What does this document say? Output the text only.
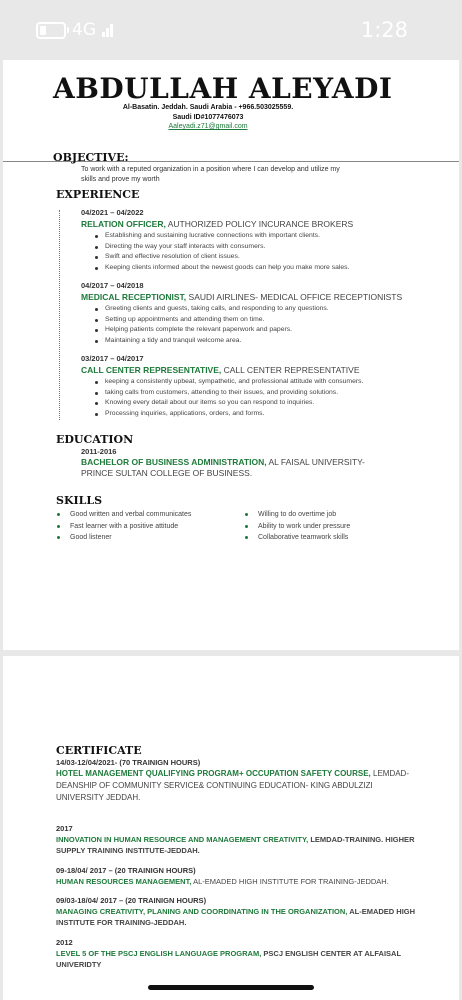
4G	1:28
ABDULLAH ALEYADI
Al-Basatin. Jeddah. Saudi Arabia - +966.503025559.
Saudi ID#1077476073
Aaleyadi.z71@gmail.com
OBJECTIVE:
To work with a reputed organization in a position where I can develop and utilize my
skills and prove my worth
EXPERIENCE
04/2021 – 04/2022
RELATION OFFICER, AUTHORIZED POLICY INCURANCE BROKERS
Establishing and sustaining lucrative connections with important clients.
Directing the way your staff interacts with consumers.
Swift and effective resolution of client issues.
Keeping clients informed about the newest goods can help you make more sales.
04/2017 – 04/2018
MEDICAL RECEPTIONIST, SAUDI AIRLINES- MEDICAL OFFICE RECEPTIONISTS
Greeting clients and guests, taking calls, and responding to any questions.
Setting up appointments and attending them on time.
Helping patients complete the relevant paperwork and papers.
Maintaining a tidy and tranquil welcome area.
03/2017 – 04/2017
CALL CENTER REPRESENTATIVE, CALL CENTER REPRESENTATIVE
keeping a consistently upbeat, sympathetic, and professional attitude with consumers.
taking calls from customers, attending to their issues, and providing solutions.
Knowing every detail about our items so you can respond to inquiries.
Processing inquiries, applications, orders, and forms.
EDUCATION
2011-2016
BACHELOR OF BUSINESS ADMINISTRATION, AL FAISAL UNIVERSITY-PRINCE SULTAN COLLEGE OF BUSINESS.
SKILLS
Good written and verbal communicates
Fast learner with a positive attitude
Good listener
Willing to do overtime job
Ability to work under pressure
Collaborative teamwork skills
CERTIFICATE
14/03-12/04/2021- (70 TRAINIGN HOURS)
HOTEL MANAGEMENT QUALIFYING PROGRAM+ OCCUPATION SAFETY COURSE, LEMDAD-DEANSHIP OF COMMUNITY SERVICE& CONTINUING EDUCATION- KING ABDULZIZI UNIVERSITY JEDDAH.
2017
INNOVATION IN HUMAN RESOURCE AND MANAGEMENT CREATIVITY, LEMDAD-TRAINING. HIGHER SUPPLY TRAINING INSTITUTE-JEDDAH.
09-18/04/ 2017 – (20 TRAINIGN HOURS)
HUMAN RESOURCES MANAGEMENT, AL-EMADED HIGH INSTITUTE FOR TRAINING-JEDDAH.
09/03-18/04/ 2017 – (20 TRAINIGN HOURS)
MANAGING CREATIVITY, PLANING AND COORDINATING IN THE ORGANIZATION, AL-EMADED HIGH INSTITUTE FOR TRAINING-JEDDAH.
2012
LEVEL 5 OF THE PSCJ ENGLISH LANGUAGE PROGRAM, PSCJ ENGLISH CENTER AT ALFAISAL UNIVERIDTY
